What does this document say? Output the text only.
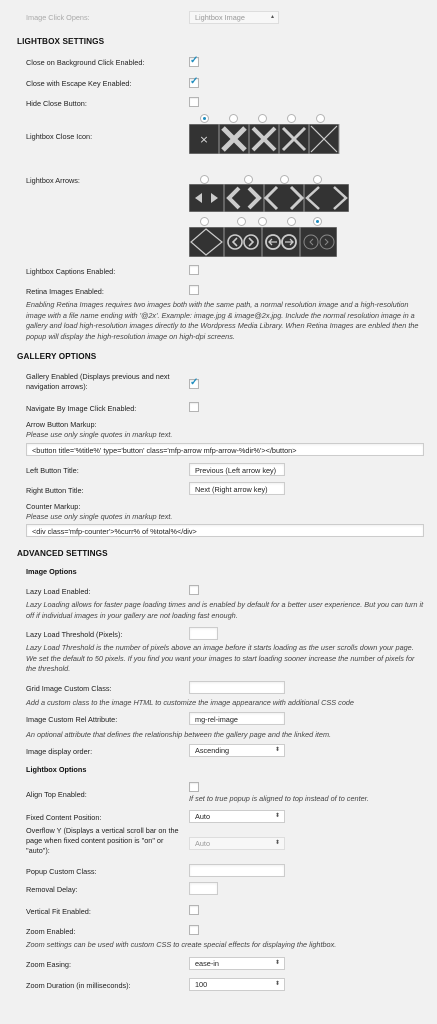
Image Click Opens:	Lightbox Image	▴

LIGHTBOX SETTINGS
Close on Background Click Enabled:	✓
Close with Escape Key Enabled:	✓
Hide Close Button:
Lightbox Close Icon:	×
Lightbox Arrows:
Lightbox Captions Enabled:
Retina Images Enabled:
Enabling Retina Images requires two images both with the same path, a normal resolution image and a high-resolution image with a file name ending with '@2x'. Example: image.jpg & image@2x.jpg. Include the normal resolution image in a gallery and load high-resolution images directly to the Wordpress Media Library. When Retina Images are enbled then the popup will display the high-resolution image on high-dpi screens.
GALLERY OPTIONS
Gallery Enabled (Displays previous and next navigation arrows):	✓
Navigate By Image Click Enabled:
Arrow Button Markup:
Please use only single quotes in markup text.
<button title='%title%' type='button' class='mfp-arrow mfp-arrow-%dir%'></button>
Left Button Title:	Previous (Left arrow key)
Right Button Title:	Next (Right arrow key)
Counter Markup:
Please use only single quotes in markup text.
<div class='mfp-counter'>%curr% of %total%</div>
ADVANCED SETTINGS
Image Options
Lazy Load Enabled:
Lazy Loading allows for faster page loading times and is enabled by default for a better user experience. But you can turn it off if individual images in your gallery are not loading fast enough.
Lazy Load Threshold (Pixels):
Lazy Load Threshold is the number of pixels above an image before it starts loading as the user scrolls down your page. We set the default to 50 pixels. If you find you want your images to start loading sooner increase the number of pixels for the threshold.
Grid Image Custom Class:
Add a custom class to the image HTML to customize the image appearance with additional CSS code
Image Custom Rel Attribute:	mg-rel-image
An optional attribute that defines the relationship between the gallery page and the linked item.
Image display order:	Ascending	⬍
Lightbox Options
Align Top Enabled:	If set to true popup is aligned to top instead of to center.
Fixed Content Position:	Auto	⬍
Overflow Y (Displays a vertical scroll bar on the page when fixed content position is "on" or "auto"):
Auto	⬍
Popup Custom Class:
Removal Delay:
Vertical Fit Enabled:
Zoom Enabled:
Zoom settings can be used with custom CSS to create special effects for displaying the lightbox.
Zoom Easing:	ease-in	⬍
Zoom Duration (in milliseconds):	100	⬍
